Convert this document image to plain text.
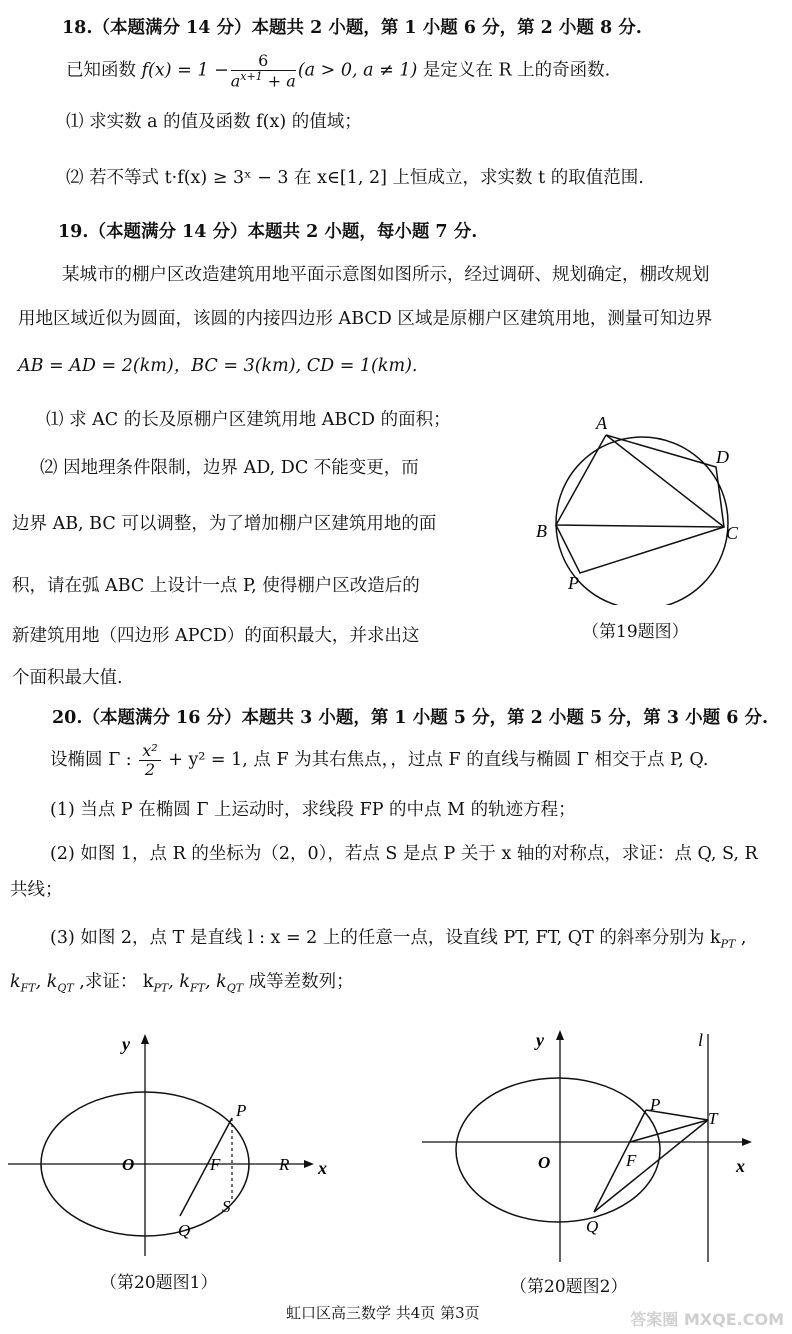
18.（本题满分 14 分）本题共 2 小题，第 1 小题 6 分，第 2 小题 8 分.
已知函数 $f(x) = 1 - \frac{6}{a^{x+1} + a} (a > 0$, a ≠ 1) 是定义在 R 上的奇函数.
⑴ 求实数 a 的值及函数 f(x) 的值域；
⑵ 若不等式 t·f(x) ≥ 3ˣ − 3 在 x∈[1, 2] 上恒成立，求实数 t 的取值范围.
19.（本题满分 14 分）本题共 2 小题，每小题 7 分.
某城市的棚户区改造建筑用地平面示意图如图所示，经过调研、规划确定，棚改规划
用地区域近似为圆面，该圆的内接四边形 ABCD 区域是原棚户区建筑用地，测量可知边界
AB = AD = 2(km)，BC = 3(km), CD = 1(km).
⑴ 求 AC 的长及原棚户区建筑用地 ABCD 的面积；
⑵ 因地理条件限制，边界 AD, DC 不能变更，而
边界 AB, BC 可以调整，为了增加棚户区建筑用地的面
积，请在弧 ABC 上设计一点 P, 使得棚户区改造后的
新建筑用地（四边形 APCD）的面积最大，并求出这
个面积最大值.
A
D
B	C
P
（第19题图）
20.（本题满分 16 分）本题共 3 小题，第 1 小题 5 分，第 2 小题 5 分，第 3 小题 6 分.
设椭圆 Γ : $\frac{\text{x²}}{2} + y^2 = 1$, 点 F 为其右焦点，，过点 F 的直线与椭圆 Γ 相交于点 P, Q.
(1) 当点 P 在椭圆 Γ 上运动时，求线段 FP 的中点 M 的轨迹方程；
(2) 如图 1，点 R 的坐标为（2，0），若点 S 是点 P 关于 x 轴的对称点，求证：点 Q, S, R
共线；
(3) 如图 2，点 T 是直线 l : x = 2 上的任意一点，设直线 PT, FT, QT 的斜率分别为 $k_{PT}$ ,
$k_{FT}$, $k_{QT}$ ,求证： $k_{PT}$, $k_{FT}$, $k_{QT}$ 成等差数列；
y
x
O	F	R
P
Q
S
（第20题图1）
y	l
x
O	F
P
T
Q
（第20题图2）
虹口区高三数学 共4页 第3页	答案圈 MXQE.COM
